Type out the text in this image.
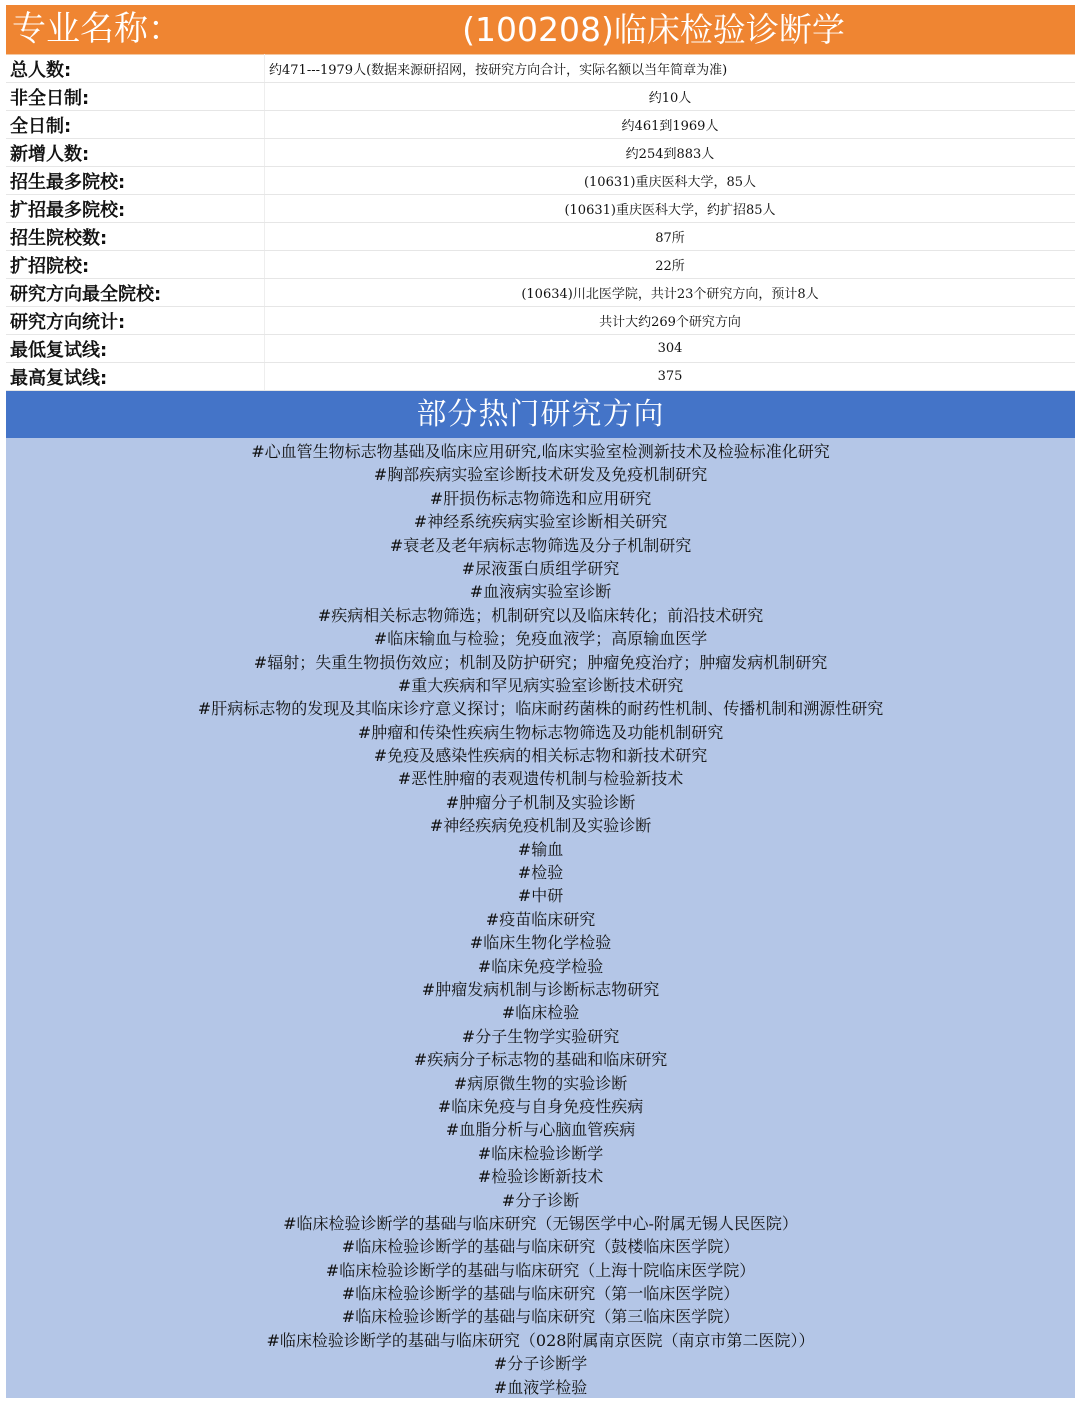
专业名称：	(100208)临床检验诊断学
总人数:	约471---1979人(数据来源研招网，按研究方向合计，实际名额以当年简章为准)
非全日制:	约10人
全日制:	约461到1969人
新增人数:	约254到883人
招生最多院校:	(10631)重庆医科大学，85人
扩招最多院校:	(10631)重庆医科大学，约扩招85人
招生院校数:	87所
扩招院校:	22所
研究方向最全院校:	(10634)川北医学院，共计23个研究方向，预计8人
研究方向统计:	共计大约269个研究方向
最低复试线:	304
最高复试线:	375
部分热门研究方向
#心血管生物标志物基础及临床应用研究,临床实验室检测新技术及检验标准化研究
#胸部疾病实验室诊断技术研发及免疫机制研究
#肝损伤标志物筛选和应用研究
#神经系统疾病实验室诊断相关研究
#衰老及老年病标志物筛选及分子机制研究
#尿液蛋白质组学研究
#血液病实验室诊断
#疾病相关标志物筛选；机制研究以及临床转化；前沿技术研究
#临床输血与检验；免疫血液学；高原输血医学
#辐射；失重生物损伤效应；机制及防护研究；肿瘤免疫治疗；肿瘤发病机制研究
#重大疾病和罕见病实验室诊断技术研究
#肝病标志物的发现及其临床诊疗意义探讨；临床耐药菌株的耐药性机制、传播机制和溯源性研究
#肿瘤和传染性疾病生物标志物筛选及功能机制研究
#免疫及感染性疾病的相关标志物和新技术研究
#恶性肿瘤的表观遗传机制与检验新技术
#肿瘤分子机制及实验诊断
#神经疾病免疫机制及实验诊断
#输血
#检验
#中研
#疫苗临床研究
#临床生物化学检验
#临床免疫学检验
#肿瘤发病机制与诊断标志物研究
#临床检验
#分子生物学实验研究
#疾病分子标志物的基础和临床研究
#病原微生物的实验诊断
#临床免疫与自身免疫性疾病
#血脂分析与心脑血管疾病
#临床检验诊断学
#检验诊断新技术
#分子诊断
#临床检验诊断学的基础与临床研究（无锡医学中心-附属无锡人民医院）
#临床检验诊断学的基础与临床研究（鼓楼临床医学院）
#临床检验诊断学的基础与临床研究（上海十院临床医学院）
#临床检验诊断学的基础与临床研究（第一临床医学院）
#临床检验诊断学的基础与临床研究（第三临床医学院）
#临床检验诊断学的基础与临床研究（028附属南京医院（南京市第二医院））
#分子诊断学
#血液学检验
